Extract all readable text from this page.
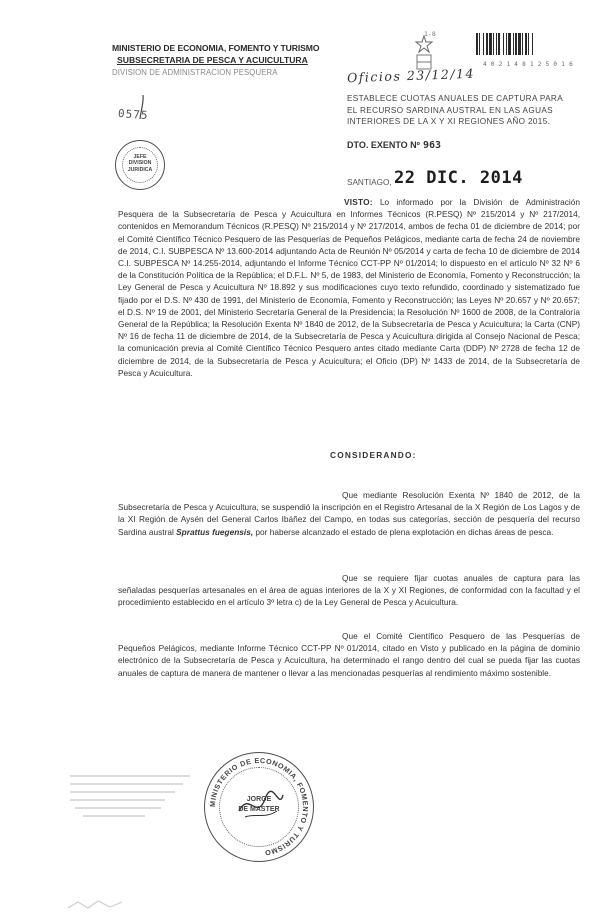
MINISTERIO DE ECONOMIA, FOMENTO Y TURISMO
SUBSECRETARIA DE PESCA Y ACUICULTURA
DIVISION DE ADMINISTRACION PESQUERA
0575
JEFE
DIVISION
JURIDICA
1-8
4 0 2 1 4 8 1 2 5 0 1 6
Oficios 23/12/14
ESTABLECE CUOTAS ANUALES DE CAPTURA PARA
EL RECURSO SARDINA AUSTRAL EN LAS AGUAS
INTERIORES DE LA X Y XI REGIONES AÑO 2015.
DTO. EXENTO Nº 963
SANTIAGO, 22 DIC. 2014
VISTO: Lo informado por la División de Administración Pesquera de la Subsecretaría de Pesca y Acuicultura en Informes Técnicos (R.PESQ) Nº 215/2014 y Nº 217/2014, contenidos en Memorandum Técnicos (R.PESQ) Nº 215/2014 y Nº 217/2014, ambos de fecha 01 de diciembre de 2014; por el Comité Científico Técnico Pesquero de las Pesquerías de Pequeños Pelágicos, mediante carta de fecha 24 de noviembre de 2014, C.I. SUBPESCA Nº 13.600-2014 adjuntando Acta de Reunión Nº 05/2014 y carta de fecha 10 de diciembre de 2014 C.I. SUBPESCA Nº 14.255-2014, adjuntando el Informe Técnico CCT-PP Nº 01/2014; lo dispuesto en el artículo Nº 32 Nº 6 de la Constitución Política de la República; el D.F.L. Nº 5, de 1983, del Ministerio de Economía, Fomento y Reconstrucción; la Ley General de Pesca y Acuicultura Nº 18.892 y sus modificaciones cuyo texto refundido, coordinado y sistematizado fue fijado por el D.S. Nº 430 de 1991, del Ministerio de Economía, Fomento y Reconstrucción; las Leyes Nº 20.657 y Nº 20.657; el D.S. Nº 19 de 2001, del Ministerio Secretaría General de la Presidencia; la Resolución Nº 1600 de 2008, de la Contraloría General de la República; la Resolución Exenta Nº 1840 de 2012, de la Subsecretaría de Pesca y Acuicultura; la Carta (CNP) Nº 16 de fecha 11 de diciembre de 2014, de la Subsecretaría de Pesca y Acuicultura dirigida al Consejo Nacional de Pesca; la comunicación previa al Comité Científico Técnico Pesquero antes citado mediante Carta (DDP) Nº 2728 de fecha 12 de diciembre de 2014, de la Subsecretaría de Pesca y Acuicultura; el Oficio (DP) Nº 1433 de 2014, de la Subsecretaría de Pesca y Acuicultura.
CONSIDERANDO:
Que mediante Resolución Exenta Nº 1840 de 2012, de la Subsecretaría de Pesca y Acuicultura, se suspendió la inscripción en el Registro Artesanal de la X Región de Los Lagos y de la XI Región de Aysén del General Carlos Ibáñez del Campo, en todas sus categorías, sección de pesquería del recurso Sardina austral Sprattus fuegensis, por haberse alcanzado el estado de plena explotación en dichas áreas de pesca.
Que se requiere fijar cuotas anuales de captura para las señaladas pesquerías artesanales en el área de aguas interiores de la X y XI Regiones, de conformidad con la facultad y el procedimiento establecido en el artículo 3º letra c) de la Ley General de Pesca y Acuicultura.
Que el Comité Científico Pesquero de las Pesquerías de Pequeños Pelágicos, mediante Informe Técnico CCT-PP Nº 01/2014, citado en Visto y publicado en la página de dominio electrónico de la Subsecretaría de Pesca y Acuicultura, ha determinado el rango dentro del cual se pueda fijar las cuotas anuales de captura de manera de mantener o llevar a las mencionadas pesquerías al rendimiento máximo sostenible.
MINISTERIO DE ECONOMIA, FOMENTO Y TURISMO
JORGE
DE MASTER
